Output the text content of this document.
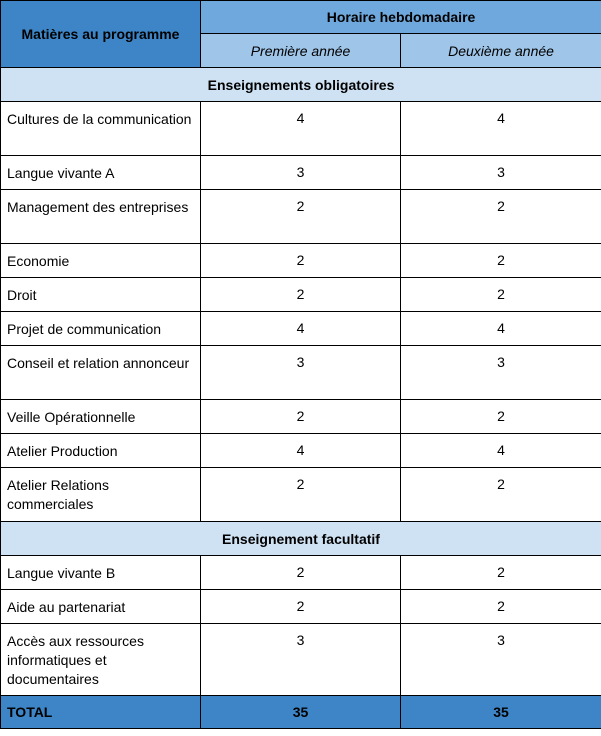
Matières au programme	Horaire hebdomadaire	
	Première année	Deuxième année
Enseignements obligatoires		
Cultures de la communication	4	4
Langue vivante A	3	3
Management des entreprises	2	2
Economie	2	2
Droit	2	2
Projet de communication	4	4
Conseil et relation annonceur	3	3
Veille Opérationnelle	2	2
Atelier Production	4	4
Atelier Relations commerciales	2	2
Enseignement facultatif		
Langue vivante B	2	2
Aide au partenariat	2	2
Accès aux ressources informatiques et documentaires	3	3
TOTAL	35	35
